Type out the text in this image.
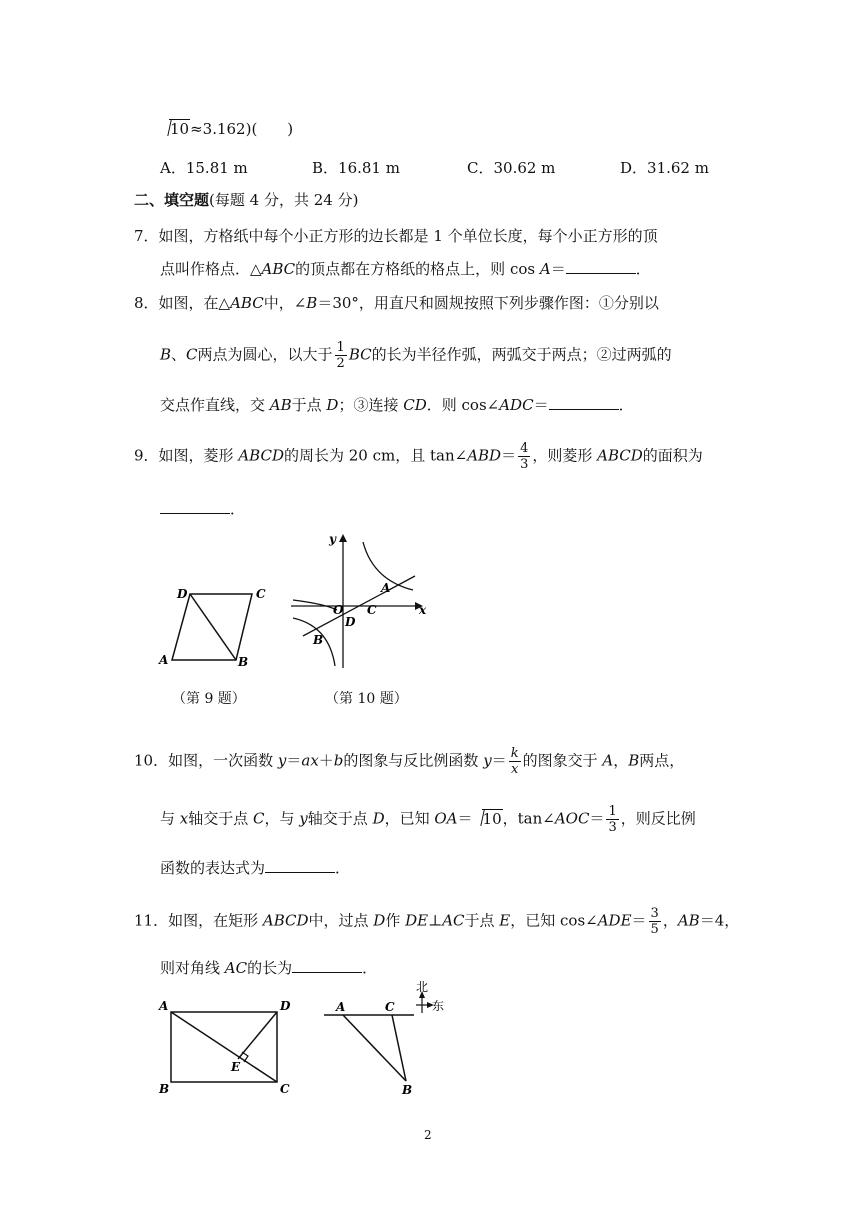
10≈3.162)(　　)
A．15.81 m	B．16.81 m	C．30.62 m	D．31.62 m
二、填空题(每题 4 分，共 24 分)
7．如图，方格纸中每个小正方形的边长都是 1 个单位长度，每个小正方形的顶
点叫作格点．△ABC的顶点都在方格纸的格点上，则 cos A＝	．
8．如图，在△ABC中，∠B＝30°，用直尺和圆规按照下列步骤作图：①分别以
B、C两点为圆心，以大于 $\frac{1}{2}$ BC的长为半径作弧，两弧交于两点；②过两弧的
交点作直线，交 AB于点 D；③连接 CD．则 cos∠ADC＝	．
9．如图，菱形 ABCD的周长为 20 cm，且 tan∠ABD＝ $\frac{4}{3}$ ，则菱形 ABCD的面积为
．
D	C
A	B
y
x
O
A
B
C
D
（第 9 题）	（第 10 题）
10．如图，一次函数 y＝ax＋b的图象与反比例函数 $y= \frac{k}{x}$ 的图象交于 A，B两点，
与 x轴交于点 C，与 y轴交于点 D，已知 OA＝ 10，tan∠AOC＝ $\frac{1}{3}$ ，则反比例
函数的表达式为	．
11．如图，在矩形 ABCD中，过点 D作 DE⊥AC于点 E，已知 cos∠ADE＝ $\frac{3}{5}$ ，AB＝4，
则对角线 AC的长为	．
A	D
B	C
E
A	C
B
北
东
2
